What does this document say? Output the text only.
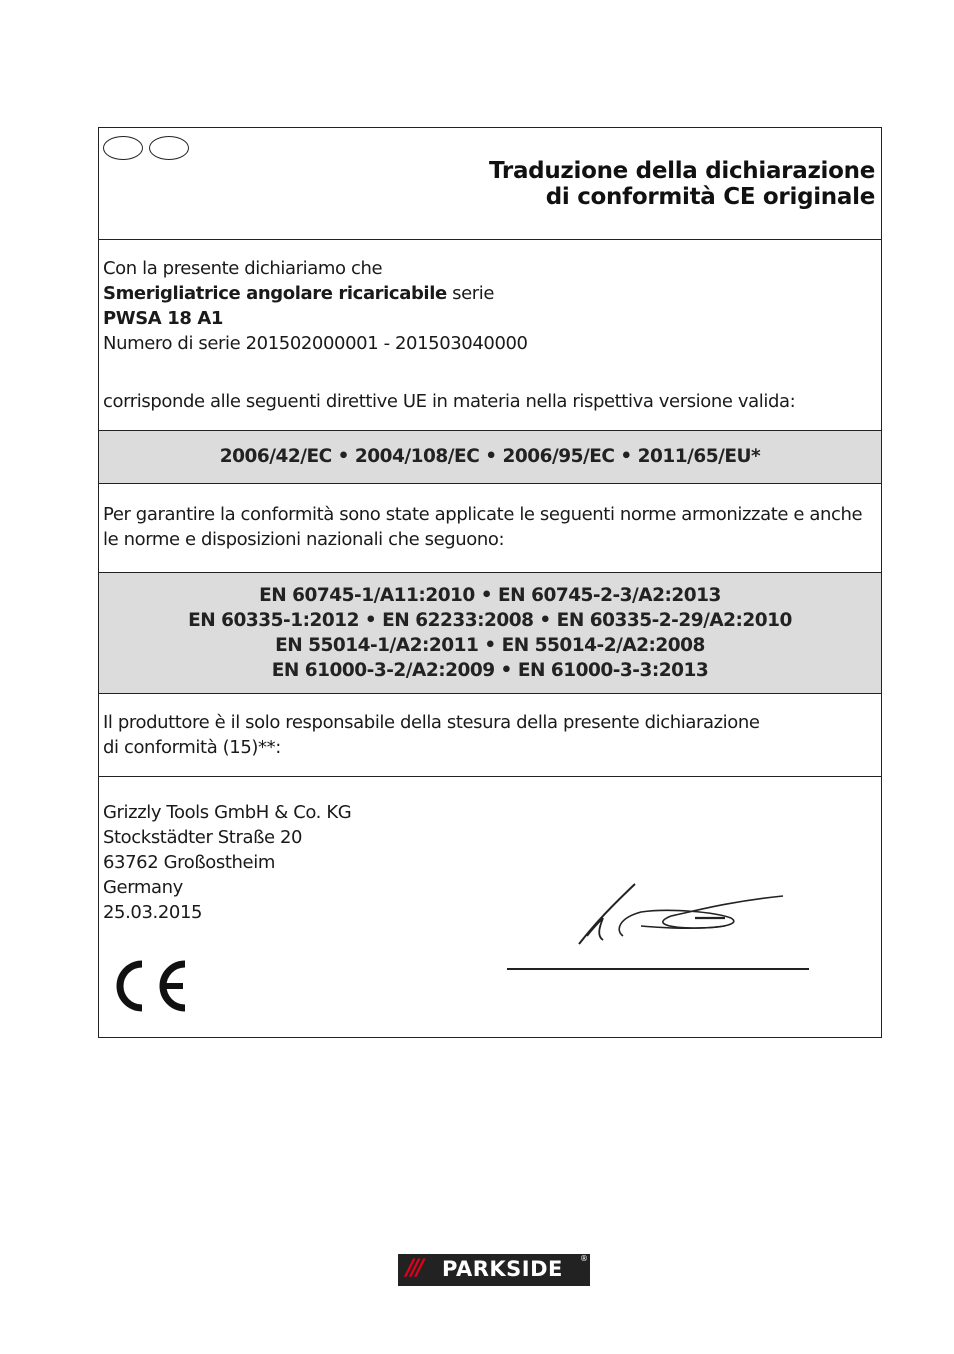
Traduzione della dichiarazione
di conformità CE originale
Con la presente dichiariamo che
Smerigliatrice angolare ricaricabile serie
PWSA 18 A1
Numero di serie 201502000001 - 201503040000
corrisponde alle seguenti direttive UE in materia nella rispettiva versione valida:
2006/42/EC • 2004/108/EC • 2006/95/EC • 2011/65/EU*
Per garantire la conformità sono state applicate le seguenti norme armonizzate e anche
le norme e disposizioni nazionali che seguono:
EN 60745-1/A11:2010 • EN 60745-2-3/A2:2013
EN 60335-1:2012 • EN 62233:2008 • EN 60335-2-29/A2:2010
EN 55014-1/A2:2011 • EN 55014-2/A2:2008
EN 61000-3-2/A2:2009 • EN 61000-3-3:2013
Il produttore è il solo responsabile della stesura della presente dichiarazione
di conformità (15)**:
Grizzly Tools GmbH & Co. KG
Stockstädter Straße 20
63762 Großostheim
Germany
25.03.2015
/// PARKSIDE ®
